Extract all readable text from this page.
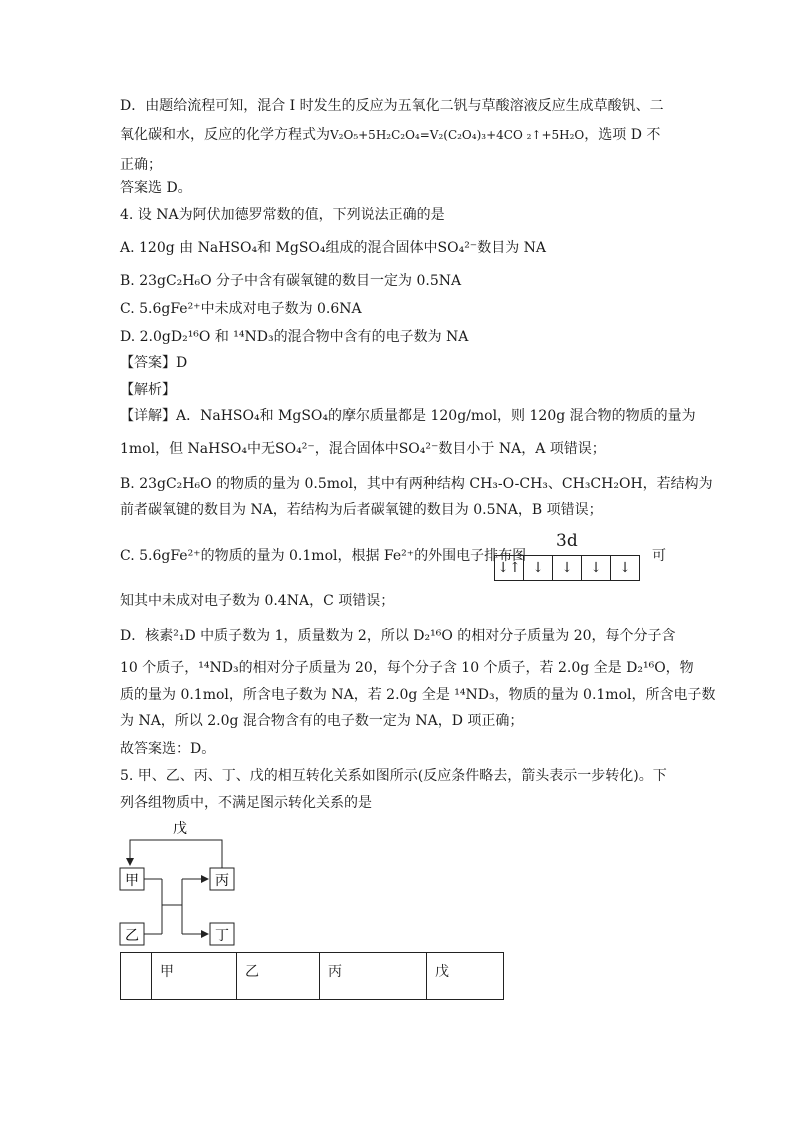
D．由题给流程可知，混合 I 时发生的反应为五氧化二钒与草酸溶液反应生成草酸钒、二
氧化碳和水，反应的化学方程式为V₂O₅+5H₂C₂O₄=V₂(C₂O₄)₃+4CO ₂↑+5H₂O，选项 D 不
正确；
答案选 D。
4. 设 NA为阿伏加德罗常数的值，下列说法正确的是
A. 120g 由 NaHSO₄和 MgSO₄组成的混合固体中SO₄²⁻数目为 NA
B. 23gC₂H₆O 分子中含有碳氧键的数目一定为 0.5NA
C. 5.6gFe²⁺中未成对电子数为 0.6NA
D. 2.0gD₂¹⁶O 和 ¹⁴ND₃的混合物中含有的电子数为 NA
【答案】D
【解析】
【详解】A．NaHSO₄和 MgSO₄的摩尔质量都是 120g/mol，则 120g 混合物的物质的量为
1mol，但 NaHSO₄中无SO₄²⁻，混合固体中SO₄²⁻数目小于 NA，A 项错误；
B. 23gC₂H₆O 的物质的量为 0.5mol，其中有两种结构 CH₃-O-CH₃、CH₃CH₂OH，若结构为
前者碳氧键的数目为 NA，若结构为后者碳氧键的数目为 0.5NA，B 项错误；
C. 5.6gFe²⁺的物质的量为 0.1mol，根据 Fe²⁺的外围电子排布图
3d
↓↑ ↓	↓	↓	↓
可
知其中未成对电子数为 0.4NA，C 项错误；
D．核素²₁D 中质子数为 1，质量数为 2，所以 D₂¹⁶O 的相对分子质量为 20，每个分子含
10 个质子，¹⁴ND₃的相对分子质量为 20，每个分子含 10 个质子，若 2.0g 全是 D₂¹⁶O，物
质的量为 0.1mol，所含电子数为 NA，若 2.0g 全是 ¹⁴ND₃，物质的量为 0.1mol，所含电子数
为 NA，所以 2.0g 混合物含有的电子数一定为 NA，D 项正确；
故答案选：D。
5. 甲、乙、丙、丁、戊的相互转化关系如图所示(反应条件略去，箭头表示一步转化)。下
列各组物质中，不满足图示转化关系的是
戊
甲
乙
丙
丁
	甲	乙	丙	戊
